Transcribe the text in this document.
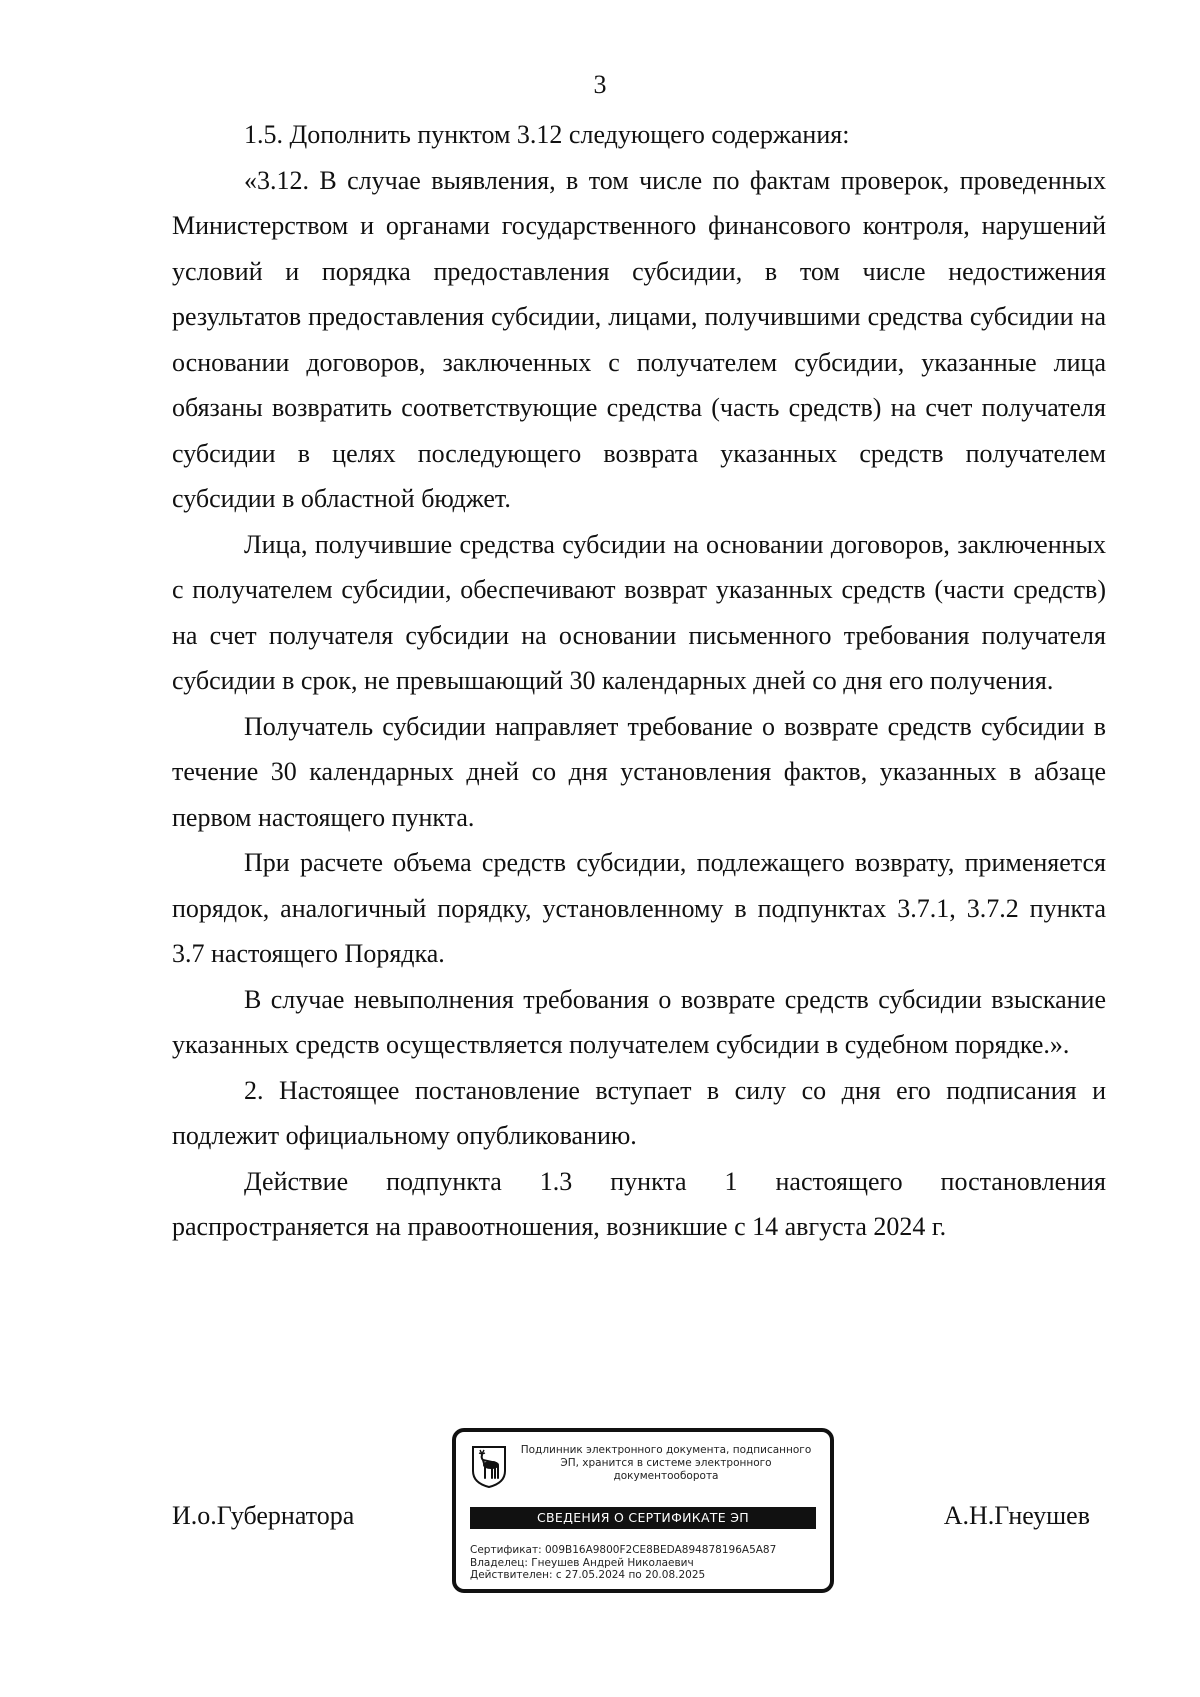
3

1.5. Дополнить пунктом 3.12 следующего содержания:

«3.12. В случае выявления, в том числе по фактам проверок, проведенных Министерством и органами государственного финансового контроля, нарушений условий и порядка предоставления субсидии, в том числе недостижения результатов предоставления субсидии, лицами, получившими средства субсидии на основании договоров, заключенных с получателем субсидии, указанные лица обязаны возвратить соответствующие средства (часть средств) на счет получателя субсидии в целях последующего возврата указанных средств получателем субсидии в областной бюджет.

Лица, получившие средства субсидии на основании договоров, заключенных с получателем субсидии, обеспечивают возврат указанных средств (части средств) на счет получателя субсидии на основании письменного требования получателя субсидии в срок, не превышающий 30 календарных дней со дня его получения.

Получатель субсидии направляет требование о возврате средств субсидии в течение 30 календарных дней со дня установления фактов, указанных в абзаце первом настоящего пункта.

При расчете объема средств субсидии, подлежащего возврату, применяется порядок, аналогичный порядку, установленному в подпунктах 3.7.1, 3.7.2 пункта 3.7 настоящего Порядка.

В случае невыполнения требования о возврате средств субсидии взыскание указанных средств осуществляется получателем субсидии в судебном порядке.».

2. Настоящее постановление вступает в силу со дня его подписания и подлежит официальному опубликованию.

Действие подпункта 1.3 пункта 1 настоящего постановления распространяется на правоотношения, возникшие с 14 августа 2024 г.

И.о.Губернатора	А.Н.Гнеушев
Подлинник электронного документа, подписанного ЭП, хранится в системе электронного документооборота
СВЕДЕНИЯ О СЕРТИФИКАТЕ ЭП
Сертификат: 009B16A9800F2CE8BEDA894878196A5A87
Владелец: Гнеушев Андрей Николаевич
Действителен: с 27.05.2024 по 20.08.2025
